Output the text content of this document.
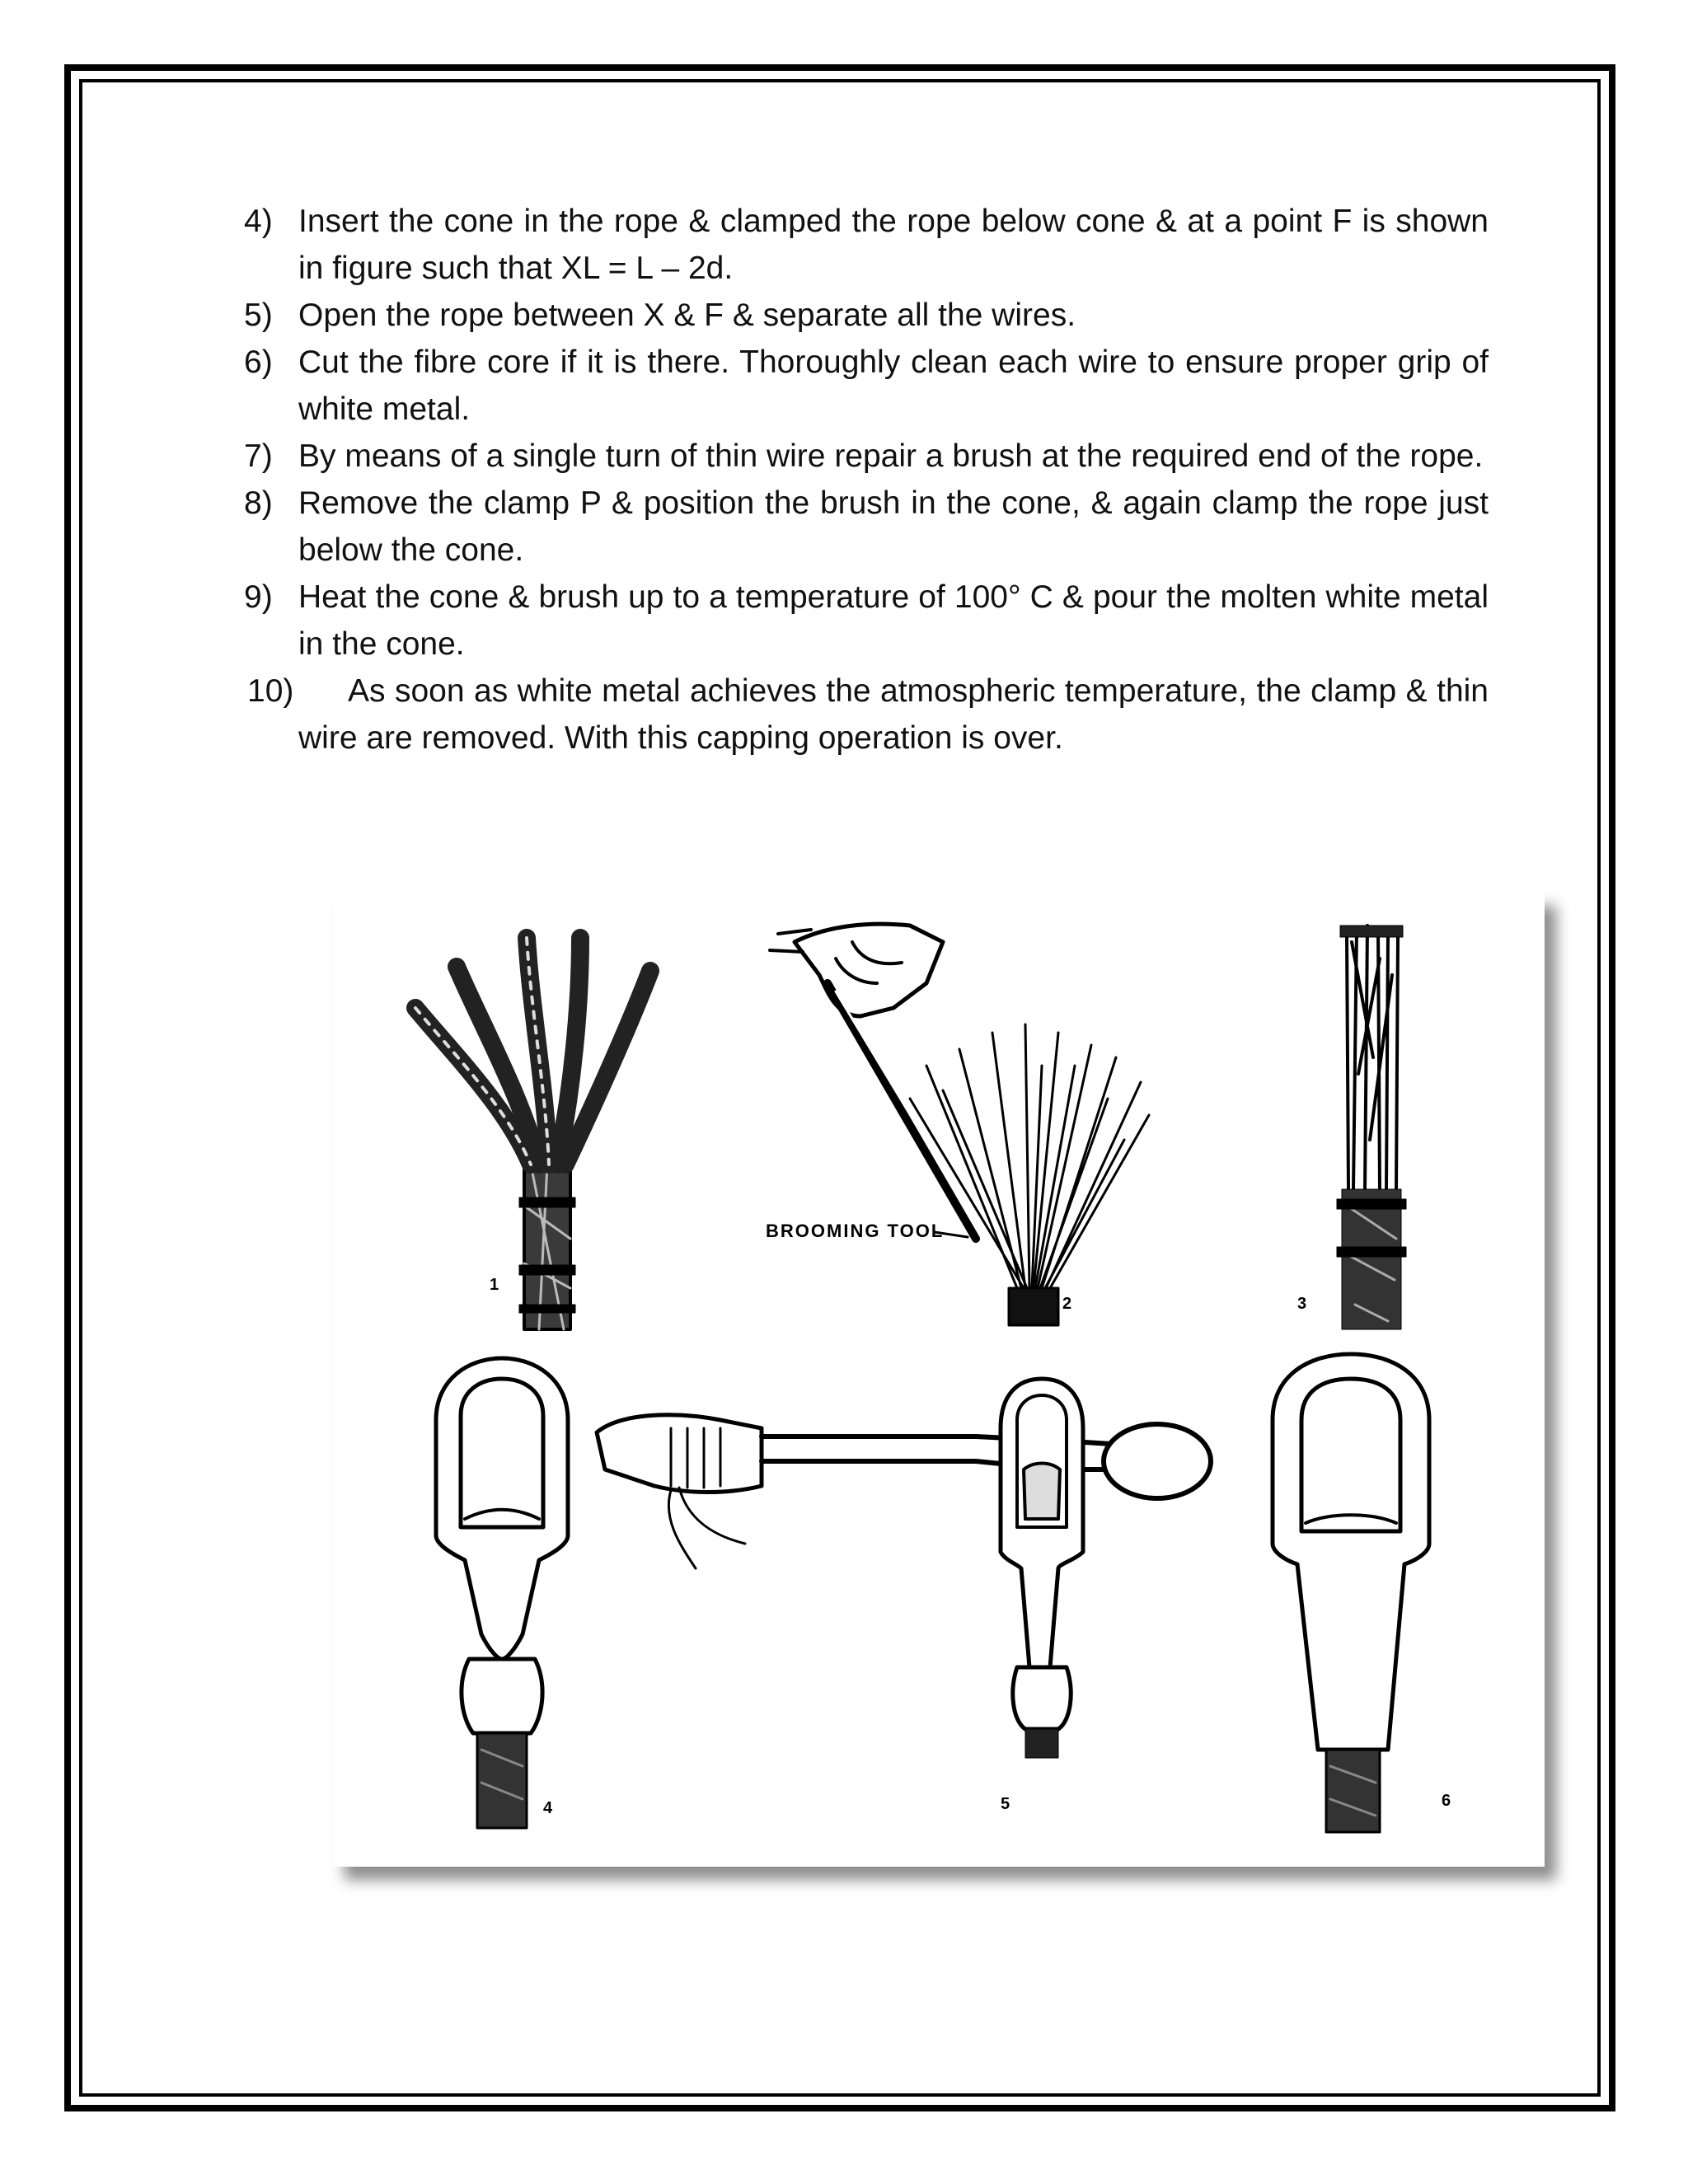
4) Insert the cone in the rope & clamped the rope below cone & at a point F is shown in figure such that XL = L – 2d.

5) Open the rope between X & F & separate all the wires.

6) Cut the fibre core if it is there. Thoroughly clean each wire to ensure proper grip of white metal.

7) By means of a single turn of thin wire repair a brush at the required end of the rope.

8) Remove the clamp P & position the brush in the cone, & again clamp the rope just below the cone.

9) Heat the cone & brush up to a temperature of 100° C & pour the molten white metal in the cone.

10) As soon as white metal achieves the atmospheric temperature, the clamp & thin wire are removed. With this capping operation is over.

1
BROOMING TOOL
2	3
4	5	6
